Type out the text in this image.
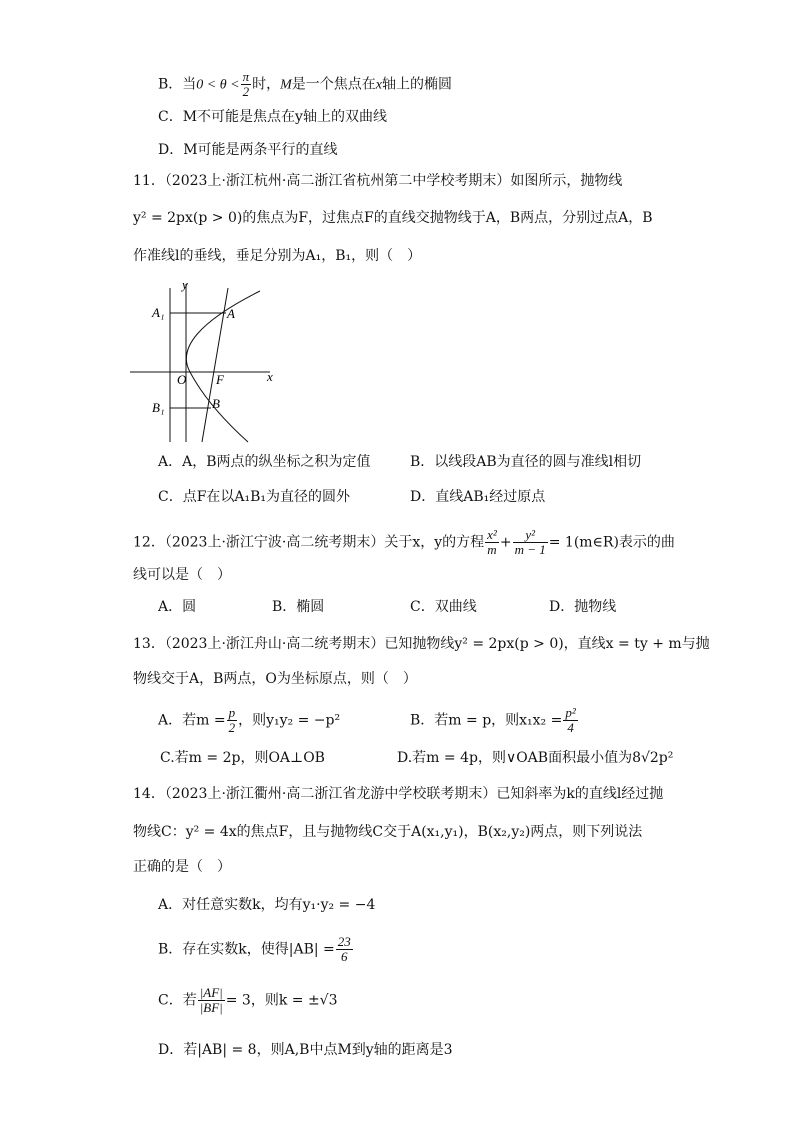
B．当$0 < \theta < \frac{\pi}{2}$ 时，M是一个焦点在x轴上的椭圆
C．M不可能是焦点在y轴上的双曲线
D．M可能是两条平行的直线
11．（2023上·浙江杭州·高二浙江省杭州第二中学校考期末）如图所示，抛物线
y² = 2px(p > 0)的焦点为F，过焦点F的直线交抛物线于A，B两点，分别过点A，B
作准线l的垂线，垂足分别为A₁，B₁，则（　）
A₁	A
O F	x
y
B₁	B
A．A，B两点的纵坐标之积为定值	B．以线段AB为直径的圆与准线l相切
C．点F在以A₁B₁为直径的圆外	D．直线AB₁经过原点
12．（2023上·浙江宁波·高二统考期末）关于x，y的方程 $\frac{\text{x²}}{m} + \frac{\text{y²}}{m - 1}$ = 1(m∈R)表示的曲
线可以是（　）
A．圆	B．椭圆	C．双曲线	D．抛物线
13．（2023上·浙江舟山·高二统考期末）已知抛物线y² = 2px(p > 0)，直线x = ty + m与抛
物线交于A，B两点，O为坐标原点，则（　）
A．若$m = \frac{p}{2}$ ，则y₁y₂ = −p²	B．若m = p，则$x_1x_2 = \frac{\text{p²}}{4}$
C.若m = 2p，则OA⊥OB	D.若m = 4p，则∨OAB面积最小值为8√2p²
14．（2023上·浙江衢州·高二浙江省龙游中学校联考期末）已知斜率为k的直线l经过抛
物线C：y² = 4x的焦点F，且与抛物线C交于A(x₁,y₁)，B(x₂,y₂)两点，则下列说法
正确的是（　）
A．对任意实数k，均有y₁·y₂ = −4
B．存在实数k，使得$|AB| = \frac{23}{6}$
C．若 $\frac{|AF|}{|BF|} = 3$，则k = ±√3
D．若|AB| = 8，则A,B中点M到y轴的距离是3
